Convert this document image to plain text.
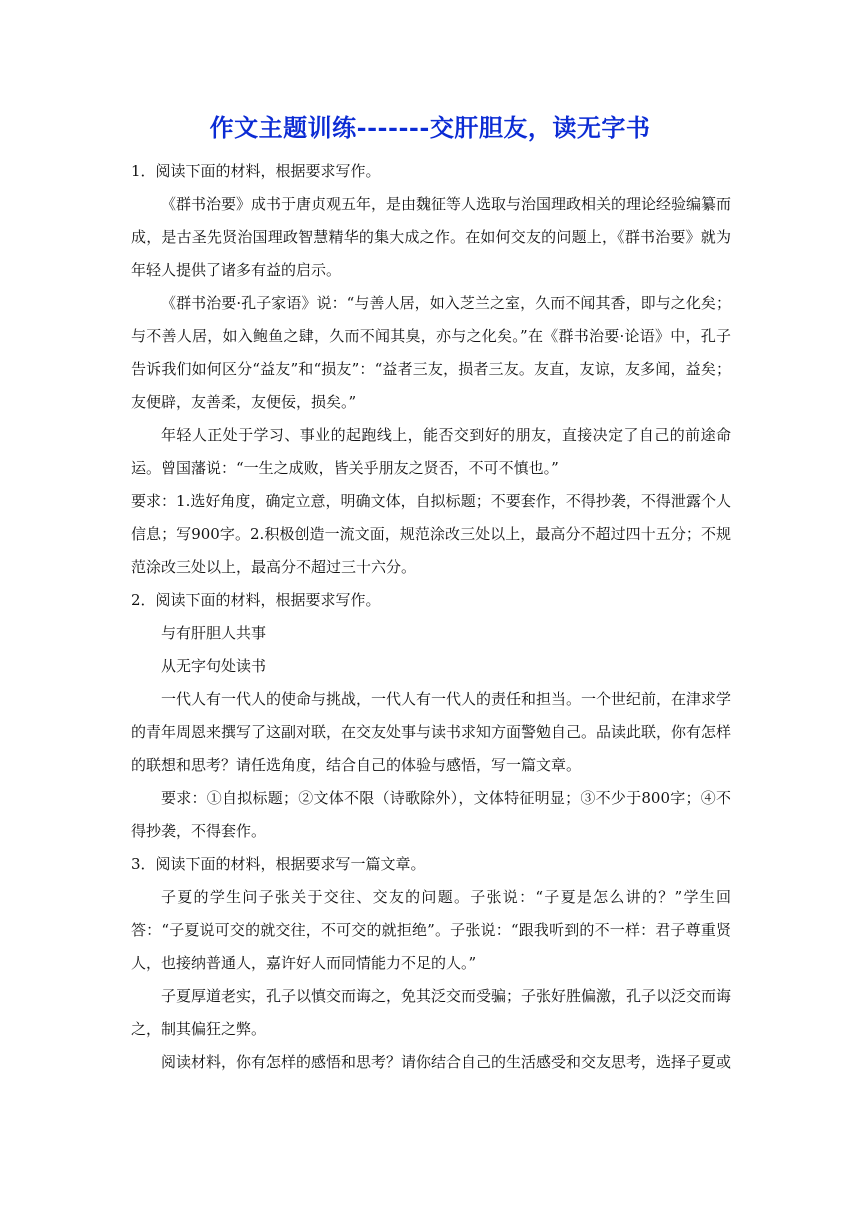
作文主题训练-------交肝胆友，读无字书

1．阅读下面的材料，根据要求写作。

《群书治要》成书于唐贞观五年，是由魏征等人选取与治国理政相关的理论经验编纂而成，是古圣先贤治国理政智慧精华的集大成之作。在如何交友的问题上，《群书治要》就为年轻人提供了诸多有益的启示。

《群书治要·孔子家语》说：“与善人居，如入芝兰之室，久而不闻其香，即与之化矣；与不善人居，如入鲍鱼之肆，久而不闻其臭，亦与之化矣。”在《群书治要·论语》中，孔子告诉我们如何区分“益友”和“损友”：“益者三友，损者三友。友直，友谅，友多闻，益矣；友便辟，友善柔，友便佞，损矣。”

年轻人正处于学习、事业的起跑线上，能否交到好的朋友，直接决定了自己的前途命运。曾国藩说：“一生之成败，皆关乎朋友之贤否，不可不慎也。”

要求：1.选好角度，确定立意，明确文体，自拟标题；不要套作，不得抄袭，不得泄露个人信息；写900字。2.积极创造一流文面，规范涂改三处以上，最高分不超过四十五分；不规范涂改三处以上，最高分不超过三十六分。

2．阅读下面的材料，根据要求写作。

与有肝胆人共事

从无字句处读书

一代人有一代人的使命与挑战，一代人有一代人的责任和担当。一个世纪前，在津求学的青年周恩来撰写了这副对联，在交友处事与读书求知方面警勉自己。品读此联，你有怎样的联想和思考？请任选角度，结合自己的体验与感悟，写一篇文章。

要求：①自拟标题；②文体不限（诗歌除外），文体特征明显；③不少于800字；④不得抄袭，不得套作。

3．阅读下面的材料，根据要求写一篇文章。

子夏的学生问子张关于交往、交友的问题。子张说：“子夏是怎么讲的？”学生回答：“子夏说可交的就交往，不可交的就拒绝”。子张说：“跟我听到的不一样：君子尊重贤人，也接纳普通人，嘉许好人而同情能力不足的人。”

子夏厚道老实，孔子以慎交而诲之，免其泛交而受骗；子张好胜偏激，孔子以泛交而诲之，制其偏狂之弊。

阅读材料，你有怎样的感悟和思考？请你结合自己的生活感受和交友思考，选择子夏或
